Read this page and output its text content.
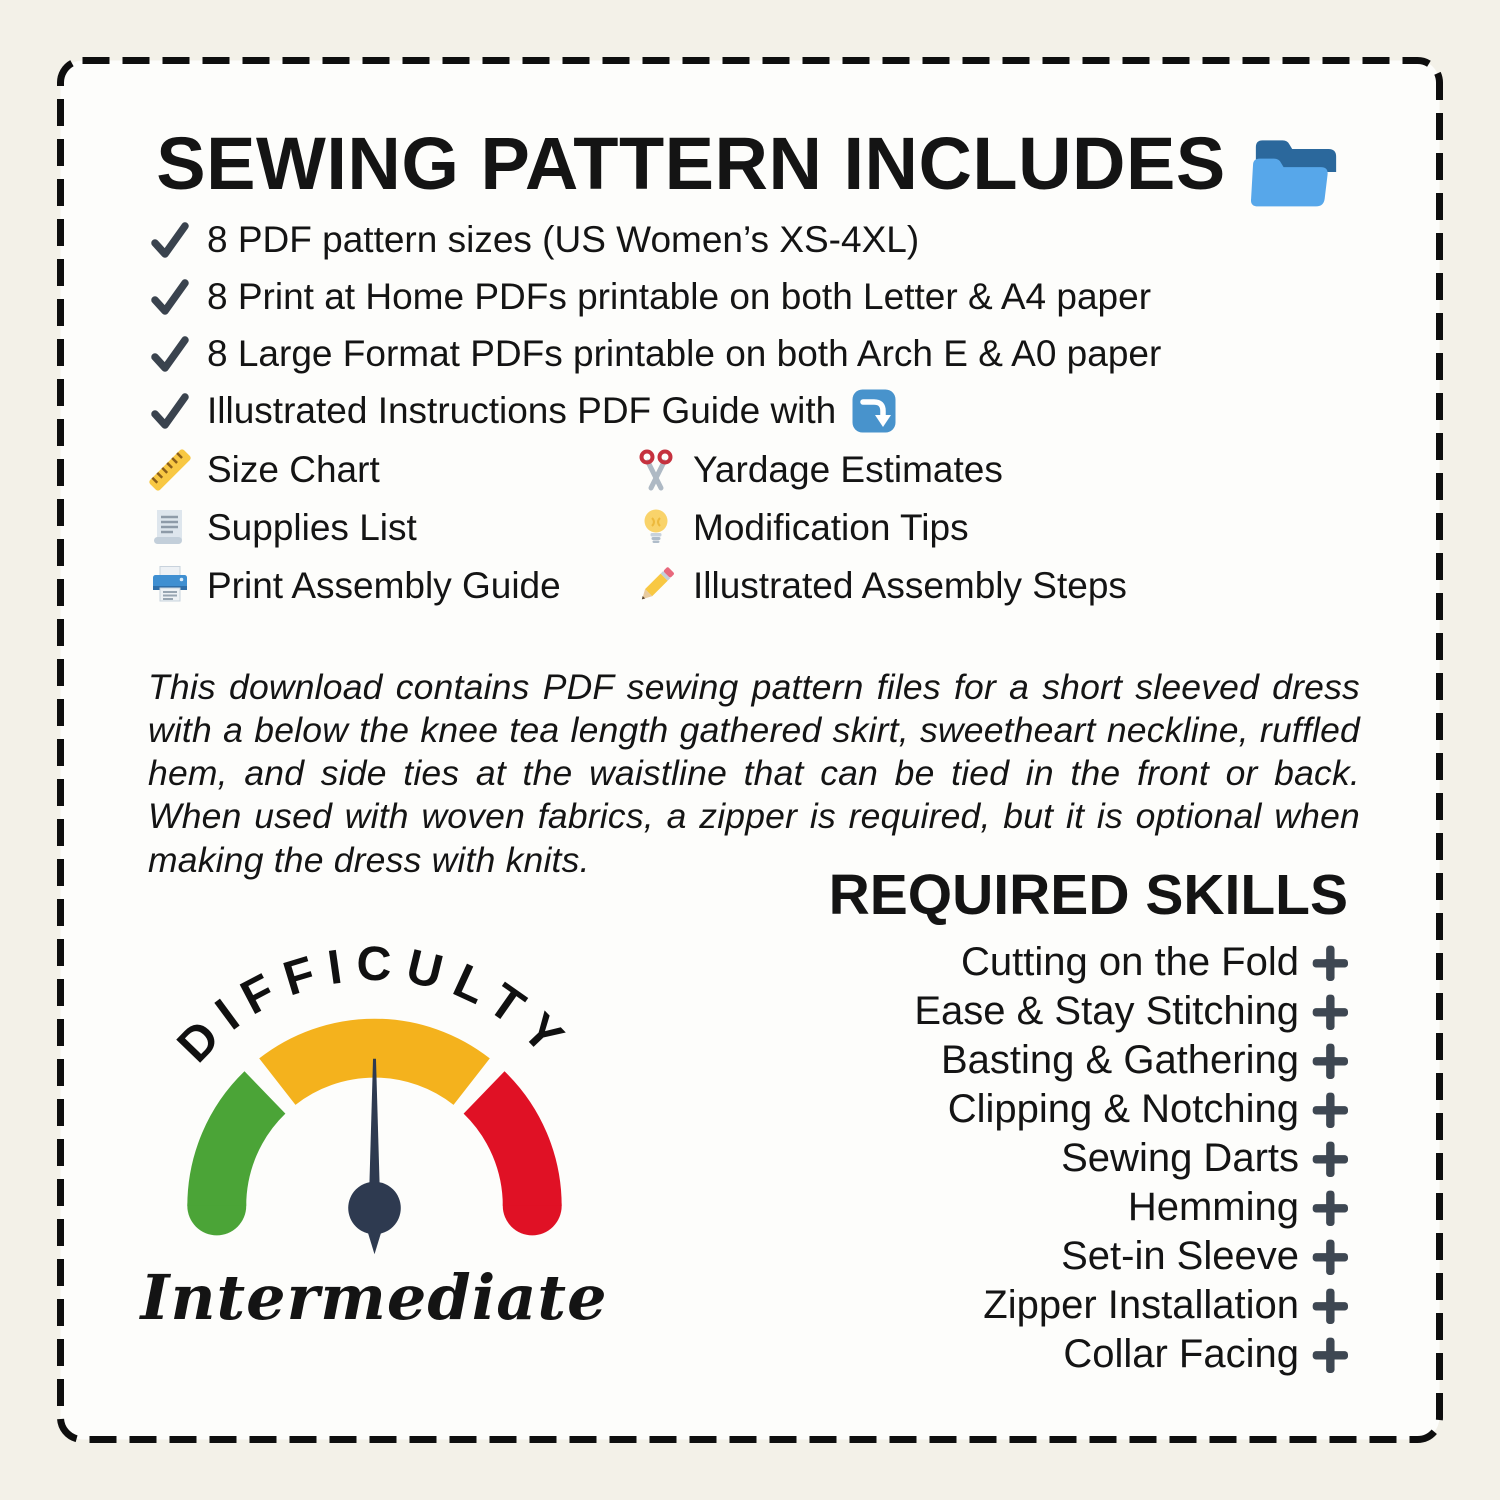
SEWING PATTERN INCLUDES
8 PDF pattern sizes (US Women’s XS-4XL)
8 Print at Home PDFs printable on both Letter & A4 paper
8 Large Format PDFs printable on both Arch E & A0 paper
Illustrated Instructions PDF Guide with
Size Chart	Yardage Estimates
Supplies List	Modification Tips
Print Assembly Guide	Illustrated Assembly Steps

This download contains PDF sewing pattern files for a short sleeved dress with a below the knee tea length gathered skirt, sweetheart neckline, ruffled hem, and side ties at the waistline that can be tied in the front or back. When used with woven fabrics, a zipper is required, but it is optional when making the dress with knits.

REQUIRED SKILLS
Cutting on the Fold
Ease & Stay Stitching
Basting & Gathering
Clipping & Notching
Sewing Darts
Hemming
Set-in Sleeve
Zipper Installation
Collar Facing
DIFFICULTY
Intermediate
